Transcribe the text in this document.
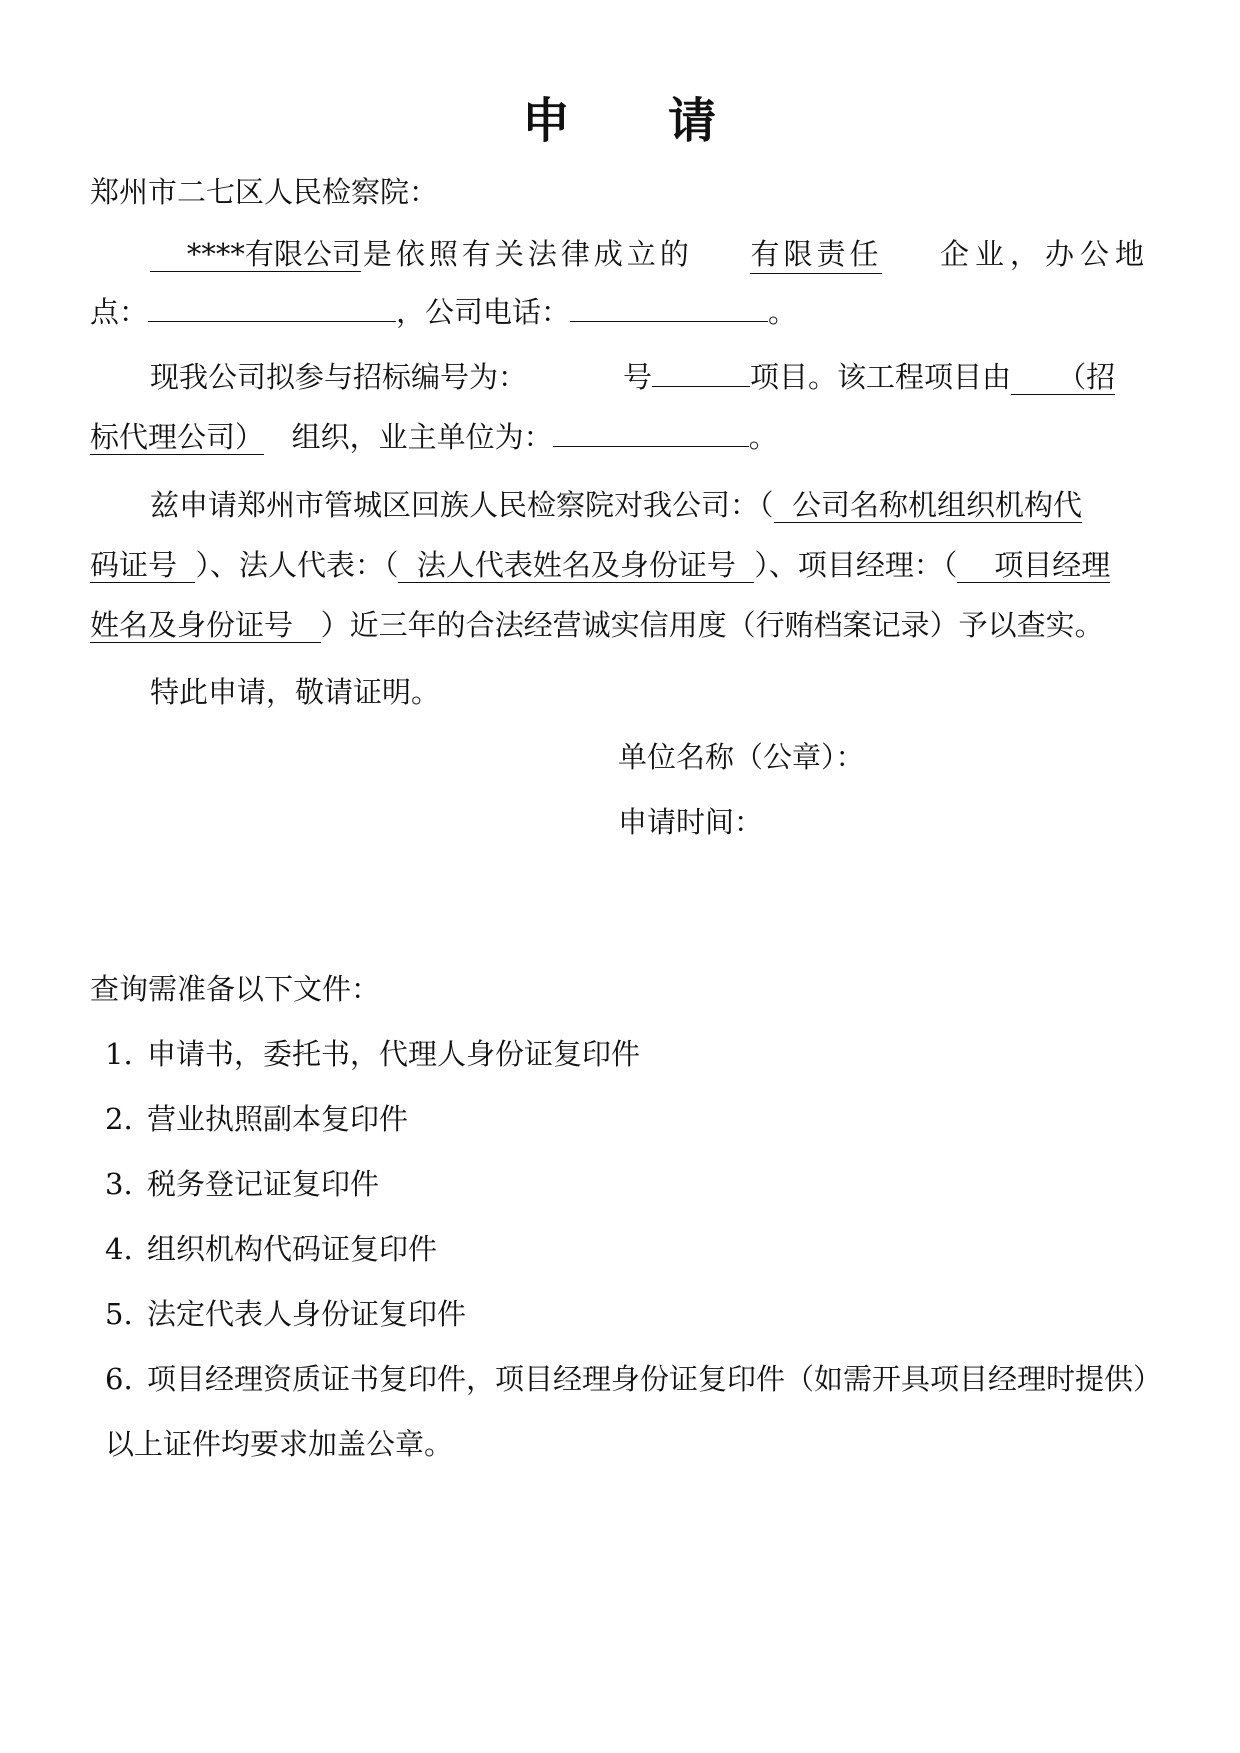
申 请
郑州市二七区人民检察院：
****有限公司 是依照有关法律成立的 有限责任 企业，办公地
点：	，公司电话：	。
现我公司拟参与招标编号为：	号	项目。该工程项目由 （招
标代理公司） 组织，业主单位为：	。
兹申请郑州市管城区回族人民检察院对我公司：（ 公司名称机组织机构代
码证号 ）、法人代表：（ 法人代表姓名及身份证号 ）、项目经理：（ 项目经理
姓名及身份证号 ）近三年的合法经营诚实信用度（行贿档案记录）予以查实。
特此申请，敬请证明。
单位名称（公章）：
申请时间：
查询需准备以下文件：
1. 申请书，委托书，代理人身份证复印件
2. 营业执照副本复印件
3. 税务登记证复印件
4. 组织机构代码证复印件
5. 法定代表人身份证复印件
6. 项目经理资质证书复印件，项目经理身份证复印件（如需开具项目经理时提供）
以上证件均要求加盖公章。
